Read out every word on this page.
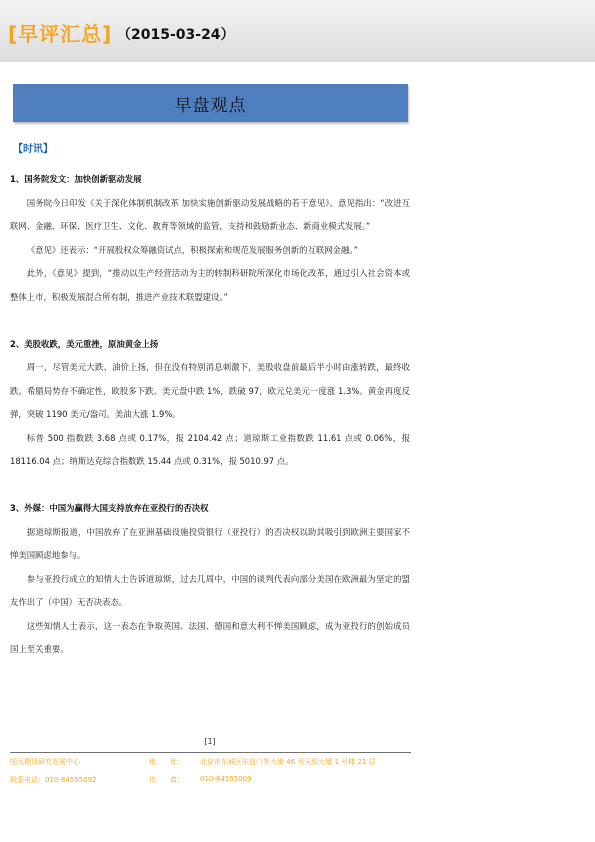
[早评汇总] （2015-03-24）
早盘观点
【时讯】

1、国务院发文：加快创新驱动发展

国务院今日印发《关于深化体制机制改革 加快实施创新驱动发展战略的若干意见》。意见指出：“改进互联网、金融、环保、医疗卫生、文化、教育等领域的监管，支持和鼓励新业态、新商业模式发展。”

《意见》还表示：“开展股权众筹融资试点，积极探索和规范发展服务创新的互联网金融。”

此外，《意见》提到，“推动以生产经营活动为主的转制科研院所深化市场化改革，通过引入社会资本或整体上市，积极发展混合所有制，推进产业技术联盟建设。”

2、美股收跌，美元重挫，原油黄金上扬

周一，尽管美元大跌、油价上扬，但在没有特别消息刺激下，美股收盘前最后半小时由涨转跌，最终收跌。希腊局势存不确定性，欧股多下跌。美元盘中跌 1%，跌破 97，欧元兑美元一度涨 1.3%。黄金再度反弹，突破 1190 美元/盎司。美油大涨 1.9%。

标普 500 指数跌 3.68 点或 0.17%，报 2104.42 点；道琼斯工业指数跌 11.61 点或 0.06%，报 18116.04 点；纳斯达克综合指数跌 15.44 点或 0.31%，报 5010.97 点。

3、外媒：中国为赢得大国支持放弃在亚投行的否决权

据道琼斯报道，中国放弃了在亚洲基础设施投资银行（亚投行）的否决权以助其吸引到欧洲主要国家不惮美国顾虑地参与。

参与亚投行成立的知情人士告诉道琼斯，过去几周中，中国的谈判代表向部分美国在欧洲最为坚定的盟友作出了（中国）无否决表态。

这些知情人士表示，这一表态在争取英国、法国、德国和意大利不惮美国顾虑，成为亚投行的创始成员国上至关重要。

[1]
国元期货研究发展中心	地　　址： 北京市东城区东直门外大街 46 号天恒大厦 1 号楼 21 层
联系电话：010-84555092	传　　真： 010-84555009
